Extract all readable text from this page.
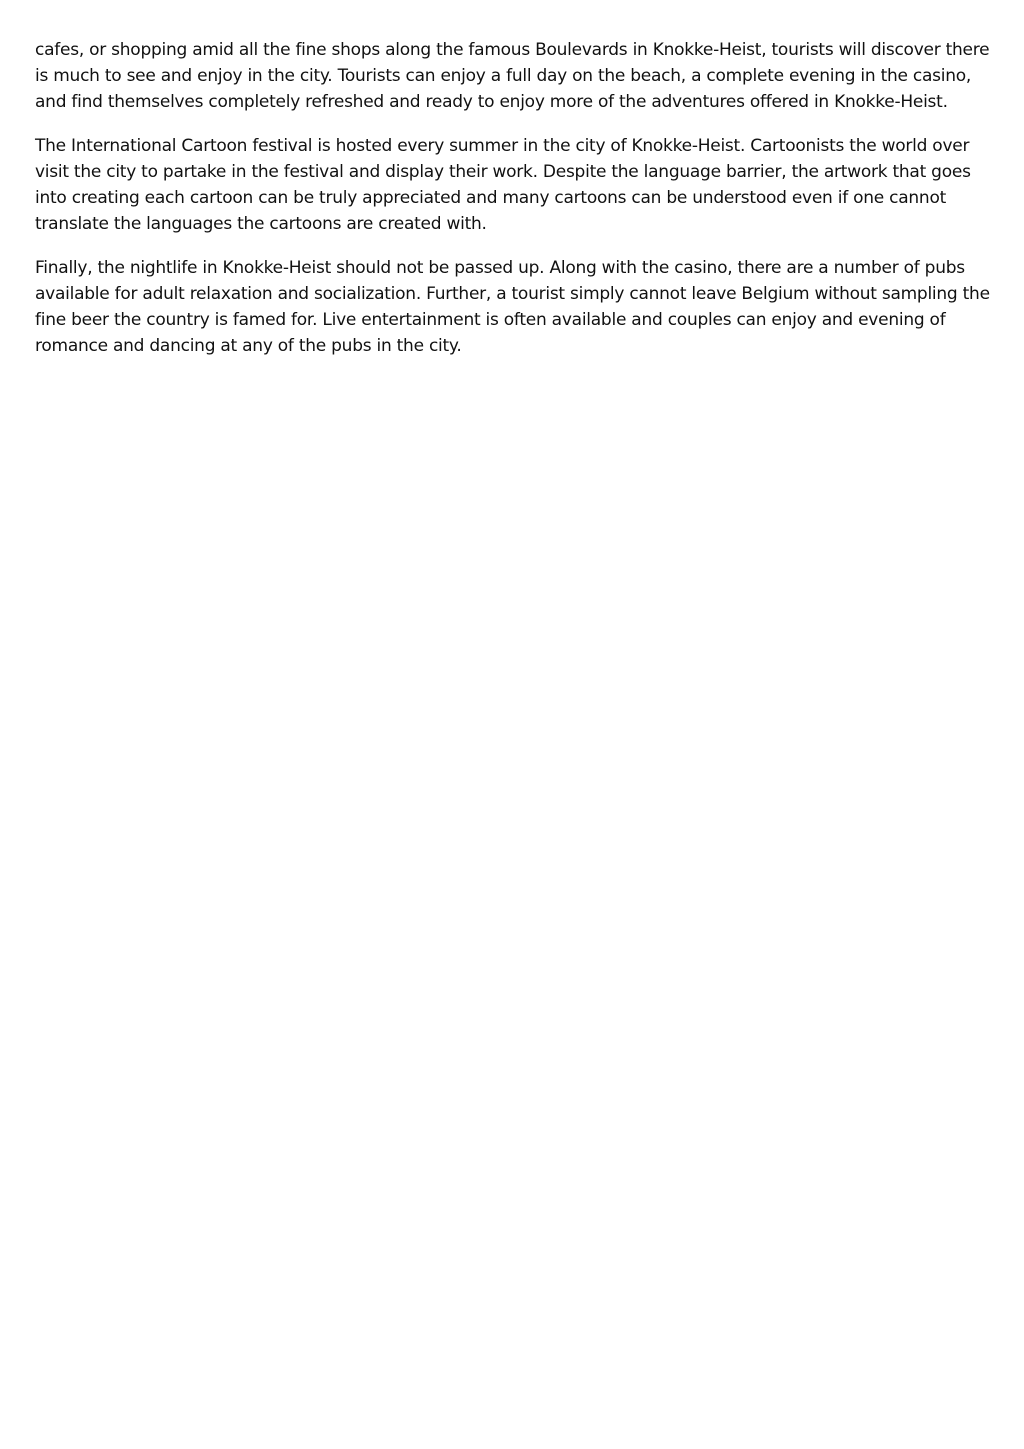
cafes, or shopping amid all the fine shops along the famous Boulevards in Knokke-Heist, tourists will discover there is much to see and enjoy in the city. Tourists can enjoy a full day on the beach, a complete evening in the casino, and find themselves completely refreshed and ready to enjoy more of the adventures offered in Knokke-Heist.

The International Cartoon festival is hosted every summer in the city of Knokke-Heist. Cartoonists the world over visit the city to partake in the festival and display their work. Despite the language barrier, the artwork that goes into creating each cartoon can be truly appreciated and many cartoons can be understood even if one cannot translate the languages the cartoons are created with.

Finally, the nightlife in Knokke-Heist should not be passed up. Along with the casino, there are a number of pubs available for adult relaxation and socialization. Further, a tourist simply cannot leave Belgium without sampling the fine beer the country is famed for. Live entertainment is often available and couples can enjoy and evening of romance and dancing at any of the pubs in the city.
